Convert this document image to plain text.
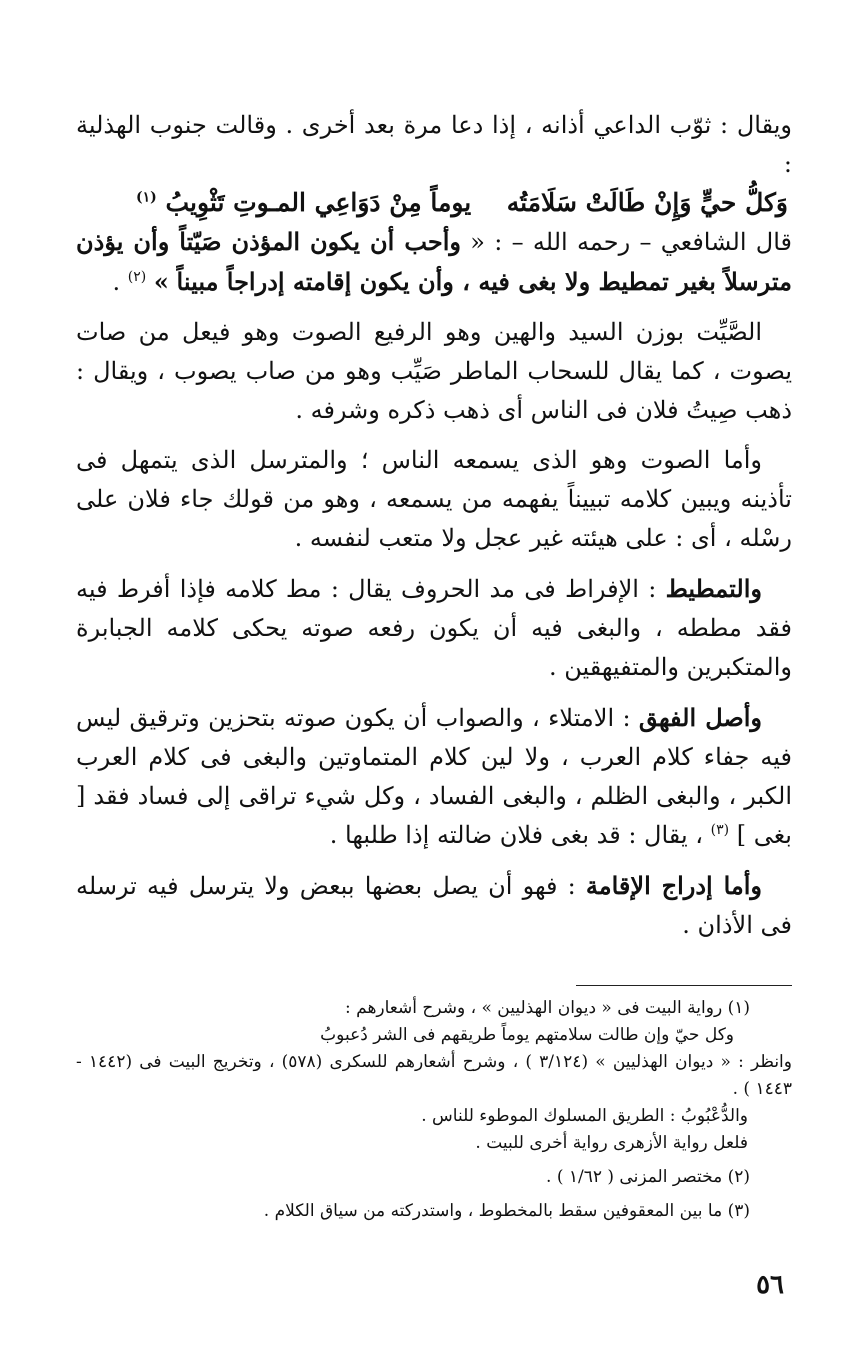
ويقال : ثوّب الداعي أذانه ، إذا دعا مرة بعد أخرى . وقالت جنوب الهذلية :

وَكلُّ حيٍّ وَإِنْ طَالَتْ سَلَامَتُه
يوماً مِنْ دَوَاعِي المـوتِ تَثْوِيبُ $^{(١)}$

قال الشافعي – رحمه الله – : « وأحب أن يكون المؤذن صَيّتاً وأن يؤذن مترسلاً بغير تمطيط ولا بغى فيه ، وأن يكون إقامته إدراجاً مبيناً » $^{(٢)}$ .

الصَّيِّت بوزن السيد والهين وهو الرفيع الصوت وهو فيعل من صات يصوت ، كما يقال للسحاب الماطر صَيِّب وهو من صاب يصوب ، ويقال : ذهب صِيتُ فلان فى الناس أى ذهب ذكره وشرفه .

وأما الصوت وهو الذى يسمعه الناس ؛ والمترسل الذى يتمهل فى تأذينه ويبين كلامه تبييناً يفهمه من يسمعه ، وهو من قولك جاء فلان على رسْله ، أى : على هيئته غير عجل ولا متعب لنفسه .

والتمطيط : الإفراط فى مد الحروف يقال : مط كلامه فإذا أفرط فيه فقد مططه ، والبغى فيه أن يكون رفعه صوته يحكى كلامه الجبابرة والمتكبرين والمتفيهقين .

وأصل الفهق : الامتلاء ، والصواب أن يكون صوته بتحزين وترقيق ليس فيه جفاء كلام العرب ، ولا لين كلام المتماوتين والبغى فى كلام العرب الكبر ، والبغى الظلم ، والبغى الفساد ، وكل شيء تراقى إلى فساد فقد [ بغى ] $^{(٣)}$ ، يقال : قد بغى فلان ضالته إذا طلبها .

وأما إدراج الإقامة : فهو أن يصل بعضها ببعض ولا يترسل فيه ترسله فى الأذان .

(١) رواية البيت فى « ديوان الهذليين » ، وشرح أشعارهم :

وكل حيّ وإن طالت سلامتهم يوماً طريقهم فى الشر دُعبوبُ

وانظر : « ديوان الهذليين » (٣/١٢٤ ) ، وشرح أشعارهم للسكرى (٥٧٨) ، وتخريج البيت فى (١٤٤٢ - ١٤٤٣ ) .

والدُّعْبُوبُ : الطريق المسلوك الموطوء للناس .

فلعل رواية الأزهرى رواية أخرى للبيت .

(٢) مختصر المزنى ( ١/٦٢ ) .

(٣) ما بين المعقوفين سقط بالمخطوط ، واستدركته من سياق الكلام .

٥٦
